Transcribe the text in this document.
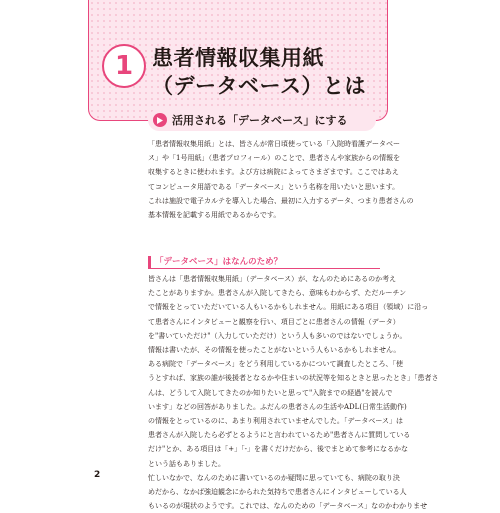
1 患者情報収集用紙
（データベース）とは
活用される「データベース」にする

「患者情報収集用紙」とは、皆さんが常日頃使っている「入院時看護データベー

ス」や「1号用紙」（患者プロフィール）のことで、患者さんや家族からの情報を

収集するときに使われます。よび方は病院によってさまざまです。ここではあえ

てコンピュータ用語である「データベース」という名称を用いたいと思います。

これは施設で電子カルテを導入した場合、最初に入力するデータ、つまり患者さんの

基本情報を記載する用紙であるからです。

「データベース」はなんのため？

皆さんは「患者情報収集用紙」（データベース）が、なんのためにあるのか考え

たことがありますか。患者さんが入院してきたら、意味もわからず、ただルーチン

で情報をとっていただいている人もいるかもしれません。用紙にある項目（領域）に沿っ

て患者さんにインタビューと観察を行い、項目ごとに患者さんの情報（データ）

を"書いていただけ"（入力していただけ）という人も多いのではないでしょうか。

情報は書いたが、その情報を使ったことがないという人もいるかもしれません。

ある病院で「データベース」をどう利用しているかについて調査したところ、「使

うとすれば、家族の誰が後援者となるかや住まいの状況等を知るときと思ったとき」「患者さ

んは、どうして入院してきたのか知りたいと思って"入院までの経過"を読んで

います」などの回答がありました。ふだんの患者さんの生活やADL(日常生活動作)

の情報をとっているのに、あまり利用されていませんでした。「データベース」は

患者さんが入院したら必ずとるようにと言われているため"患者さんに質問している

だけ"とか、ある項目は「+」「-」を書くだけだから、後でまとめて参考になるかな

という話もありました。

忙しいなかで、なんのために書いているのか疑問に思っていても、病院の取り決

めだから、なかば強迫観念にかられた気持ちで患者さんにインタビューしている人

もいるのが現状のようです。これでは、なんのための「データベース」なのかわかりませ

2
